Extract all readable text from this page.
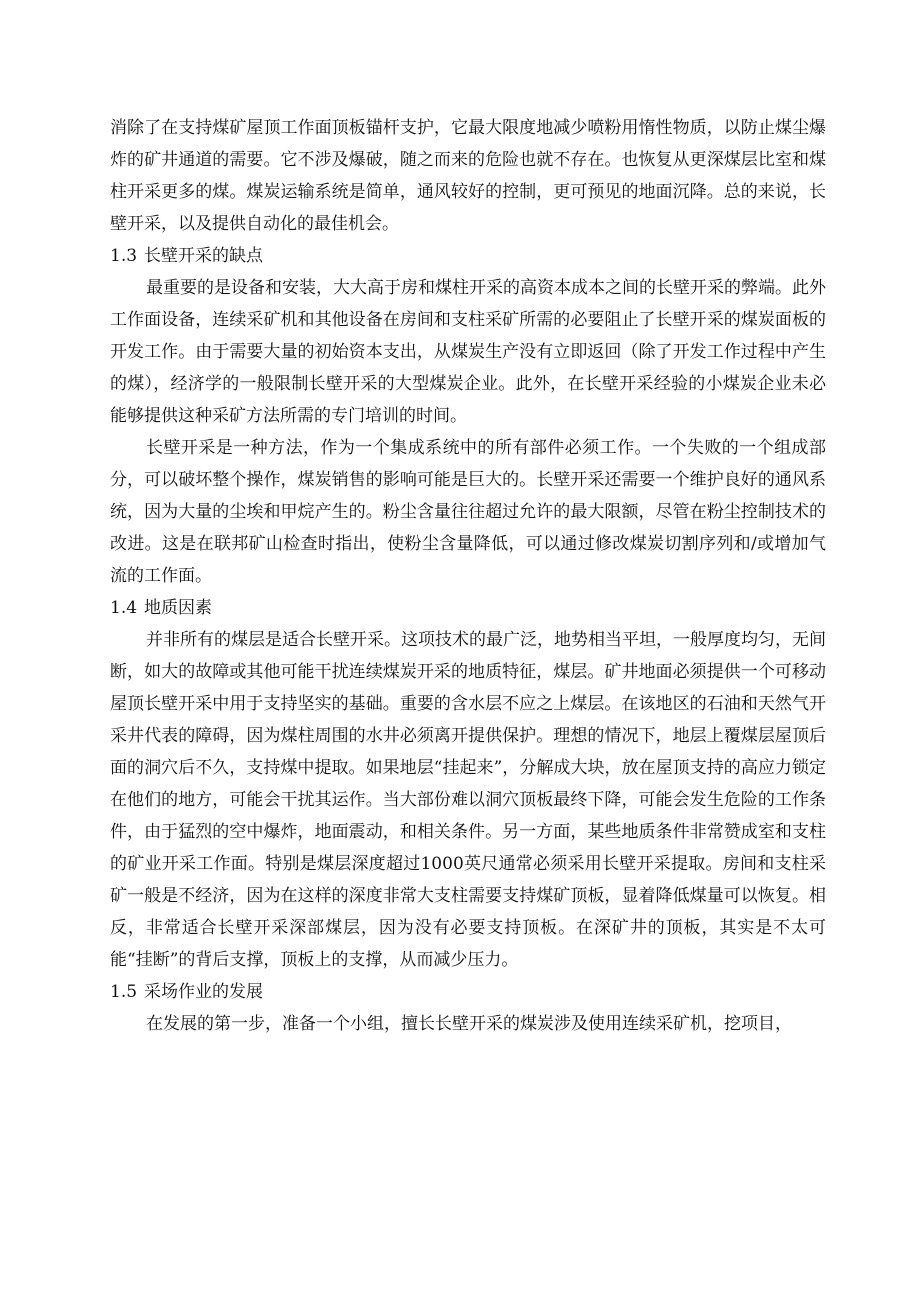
消除了在支持煤矿屋顶工作面顶板锚杆支护，它最大限度地减少喷粉用惰性物质，以防止煤尘爆炸的矿井通道的需要。它不涉及爆破，随之而来的危险也就不存在。也恢复从更深煤层比室和煤柱开采更多的煤。煤炭运输系统是简单，通风较好的控制，更可预见的地面沉降。总的来说，长壁开采，以及提供自动化的最佳机会。

1.3 长壁开采的缺点

最重要的是设备和安装，大大高于房和煤柱开采的高资本成本之间的长壁开采的弊端。此外工作面设备，连续采矿机和其他设备在房间和支柱采矿所需的必要阻止了长壁开采的煤炭面板的开发工作。由于需要大量的初始资本支出，从煤炭生产没有立即返回（除了开发工作过程中产生的煤），经济学的一般限制长壁开采的大型煤炭企业。此外，在长壁开采经验的小煤炭企业未必能够提供这种采矿方法所需的专门培训的时间。

长壁开采是一种方法，作为一个集成系统中的所有部件必须工作。一个失败的一个组成部分，可以破坏整个操作，煤炭销售的影响可能是巨大的。长壁开采还需要一个维护良好的通风系统，因为大量的尘埃和甲烷产生的。粉尘含量往往超过允许的最大限额，尽管在粉尘控制技术的改进。这是在联邦矿山检查时指出，使粉尘含量降低，可以通过修改煤炭切割序列和/或增加气流的工作面。

1.4 地质因素

并非所有的煤层是适合长壁开采。这项技术的最广泛，地势相当平坦，一般厚度均匀，无间断，如大的故障或其他可能干扰连续煤炭开采的地质特征，煤层。矿井地面必须提供一个可移动屋顶长壁开采中用于支持坚实的基础。重要的含水层不应之上煤层。在该地区的石油和天然气开采井代表的障碍，因为煤柱周围的水井必须离开提供保护。理想的情况下，地层上覆煤层屋顶后面的洞穴后不久，支持煤中提取。如果地层“挂起来”，分解成大块，放在屋顶支持的高应力锁定在他们的地方，可能会干扰其运作。当大部份难以洞穴顶板最终下降，可能会发生危险的工作条件，由于猛烈的空中爆炸，地面震动，和相关条件。另一方面，某些地质条件非常赞成室和支柱的矿业开采工作面。特别是煤层深度超过1000英尺通常必须采用长壁开采提取。房间和支柱采矿一般是不经济，因为在这样的深度非常大支柱需要支持煤矿顶板，显着降低煤量可以恢复。相反，非常适合长壁开采深部煤层，因为没有必要支持顶板。在深矿井的顶板，其实是不太可能“挂断”的背后支撑，顶板上的支撑，从而减少压力。

1.5 采场作业的发展

在发展的第一步，准备一个小组，擅长长壁开采的煤炭涉及使用连续采矿机，挖项目，
